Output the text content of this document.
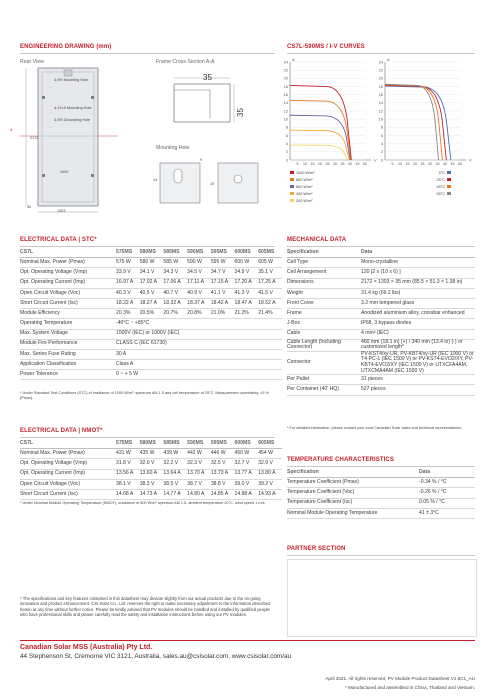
ENGINEERING DRAWING (mm)
Rear View
4-Φ9 Mounting Hole
4-14×9 Mounting Hole
4-Φ5 Grounding Hole
2172
1092
1303
30
A
Frame Cross Section A-A
35
35
Mounting Hole
14
9
10
CS7L-590MS / I-V CURVES
24
22
20
18
16
14
12
10
8
6
4
2
0
5 10 15 20 25 30 35 40 45 50
A
V
1000 W/m²
800 W/m²
600 W/m²
400 W/m²
200 W/m²
24
22
20
18
16
14
12
10
8
6
4
2
0
5 10 15 20 25 30 35 40 45 50
A
V
5°C
25°C
45°C
65°C
ELECTRICAL DATA | STC*
CS7L	575MS	580MS	585MS	590MS	595MS	600MS	605MS
Nominal Max. Power (Pmax)	575 W	580 W	585 W	590 W	595 W	600 W	605 W
Opt. Operating Voltage (Vmp)	33.9 V	34.1 V	34.3 V	34.5 V	34.7 V	34.9 V	35.1 V
Opt. Operating Current (Imp)	16.97 A	17.02 A	17.06 A	17.11 A	17.15 A	17.20 A	17.25 A
Open Circuit Voltage (Voc)	40.3 V	40.5 V	40.7 V	40.9 V	41.1 V	41.3 V	41.5 V
Short Circuit Current (Isc)	18.22 A	18.27 A	18.32 A	18.37 A	18.42 A	18.47 A	18.52 A
Module Efficiency	20.3%	20.5%	20.7%	20.8%	21.0%	21.2%	21.4%
Operating Temperature	-40°C ~ +85°C						
Max. System Voltage	1500V (IEC) or 1000V (IEC)						
Module Fire Performance	CLASS C (IEC 61730)						
Max. Series Fuse Rating	30 A						
Application Classification	Class A						
Power Tolerance	0 ~ + 5 W						
* Under Standard Test Conditions (STC) of irradiance of 1000 W/m², spectrum AM 1.5 and cell temperature of 25°C. Measurement uncertainty: ±3 % (Pmax).
ELECTRICAL DATA | NMOT*
CS7L	575MS	580MS	585MS	590MS	595MS	600MS	605MS
Nominal Max. Power (Pmax)	431 W	435 W	439 W	442 W	446 W	450 W	454 W
Opt. Operating Voltage (Vmp)	31.8 V	32.0 V	32.2 V	32.3 V	32.5 V	32.7 V	32.9 V
Opt. Operating Current (Imp)	13.56 A	13.60 A	13.64 A	13.70 A	13.73 A	13.77 A	13.80 A
Open Circuit Voltage (Voc)	38.1 V	38.3 V	38.5 V	38.7 V	38.8 V	39.0 V	39.2 V
Short Circuit Current (Isc)	14.68 A	14.73 A	14.77 A	14.80 A	14.85 A	14.88 A	14.93 A
* Under Nominal Module Operating Temperature (NMOT), irradiance of 800 W/m² spectrum AM 1.5, ambient temperature 20°C, wind speed 1 m/s.
MECHANICAL DATA
Specification	Data
Cell Type	Mono-crystalline
Cell Arrangement	120 [2 x (10 x 6) ]
Dimensions	2172 × 1303 × 35 mm (85.5 × 51.3 × 1.38 in)
Weight	31.4 kg (69.2 lbs)
Front Cover	3.2 mm tempered glass
Frame	Anodized aluminium alloy, crossbar enhanced
J-Box	IP68, 3 bypass diodes
Cable	4 mm² (IEC)
Cable Length (Including Connector)	460 mm (18.1 in) (+) / 340 mm (13.4 in) (-) or customized length*
Connector	PV-KST4/xy-UR, PV-KBT4/xy-UR (IEC 1000 V) or T4-PC-1 (IEC 1500 V) or PV-KST4-EVO2/XY, PV-KBT4-EVO2/XY (IEC 1500 V) or UTXCFA4AM, UTXCMA4AM (IEC 1500 V)
Per Pallet	31 pieces
Per Container (40' HQ)	527 pieces
* For detailed information, please contact your local Canadian Solar sales and technical representatives.
TEMPERATURE CHARACTERISTICS
Specification	Data
Temperature Coefficient (Pmax)	-0.34 % / °C
Temperature Coefficient (Voc)	-0.26 % / °C
Temperature Coefficient (Isc)	0.05 % / °C
Nominal Module Operating Temperature	41 ± 3°C
PARTNER SECTION
* The specifications and key features contained in this datasheet may deviate slightly from our actual products due to the on-going innovation and product enhancement. CSI Solar Co., Ltd. reserves the right to make necessary adjustment to the information described herein at any time without further notice. Please be kindly advised that PV modules should be handled and installed by qualified people who have professional skills and please carefully read the safety and installation instructions before using our PV modules.
Canadian Solar MSS (Australia) Pty Ltd.
44 Stephenson St, Cremorne VIC 3121, Australia, sales.au@csisolar.com, www.csisolar.com/au
April 2021. All rights reserved, PV Module Product Datasheet V1.6C1_AU
* Manufactured and assembled in China, Thailand and Vietnam.
